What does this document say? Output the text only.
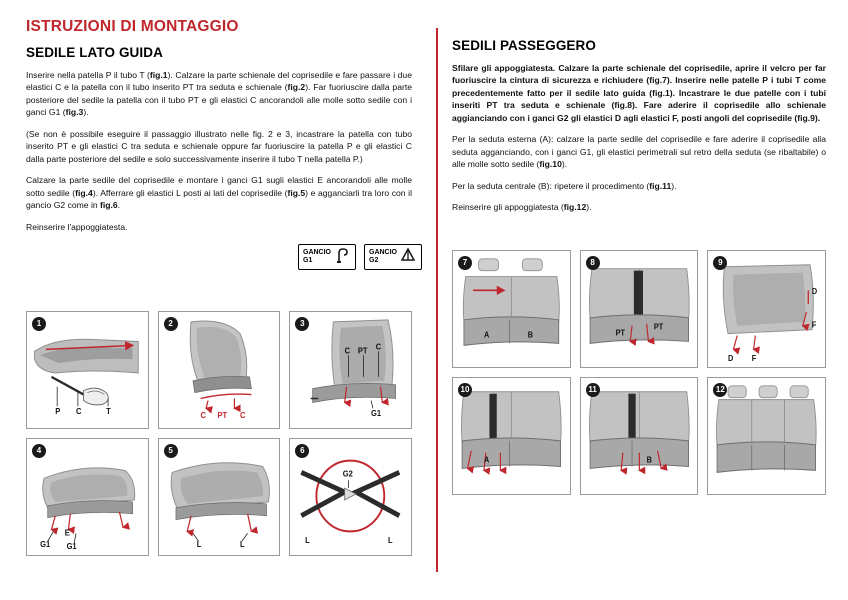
ISTRUZIONI DI MONTAGGIO
SEDILE LATO GUIDA

Inserire nella patella P il tubo T (fig.1). Calzare la parte schienale del coprisedile e fare passare i due elastici C e la patella con il tubo inserito PT tra seduta e schienale (fig.2). Far fuoriuscire dalla parte posteriore del sedile la patella con il tubo PT e gli elastici C ancorandoli alle molle sotto sedile con i ganci G1 (fig.3).

(Se non è possibile eseguire il passaggio illustrato nelle fig. 2 e 3, incastrare la patella con tubo inserito PT e gli elastici C tra seduta e schienale oppure far fuoriuscire la patella P e gli elastici C dalla parte posteriore del sedile e solo successivamente inserire il tubo T nella patella P.)

Calzare la parte sedile del coprisedile e montare i ganci G1 sugli elastici E ancorandoli alle molle sotto sedile (fig.4). Afferrare gli elastici L posti ai lati del coprisedile (fig.5) e agganciarli tra loro con il gancio G2 come in fig.6.

Reinserire l'appoggiatesta.

GANCIO
G1
GANCIO
G2
1
P C	T
2
C PT C
3
C PT C
G1
4
E
G1 G1
5
L	L
6
G2
L	L
SEDILI PASSEGGERO

Sfilare gli appoggiatesta. Calzare la parte schienale del coprisedile, aprire il velcro per far fuoriuscire la cintura di sicurezza e richiudere (fig.7). Inserire nelle patelle P i tubi T come precedentemente fatto per il sedile lato guida (fig.1). Incastrare le due patelle con i tubi inseriti PT tra seduta e schienale (fig.8). Fare aderire il coprisedile allo schienale aggianciando con i ganci G2 gli elastici D agli elastici F, posti angoli del coprisedile (fig.9).

Per la seduta esterna (A): calzare la parte sedile del coprisedile e fare aderire il coprisedile alla seduta agganciando, con i ganci G1, gli elastici perimetrali sul retro della seduta (se ribaltabile) o alle molle sotto sedile (fig.10).

Per la seduta centrale (B): ripetere il procedimento (fig.11).

Reinserire gli appoggiatesta (fig.12).

7
A	B
8
PT
PT
9
D
F
D F
10
A
11
B
12
